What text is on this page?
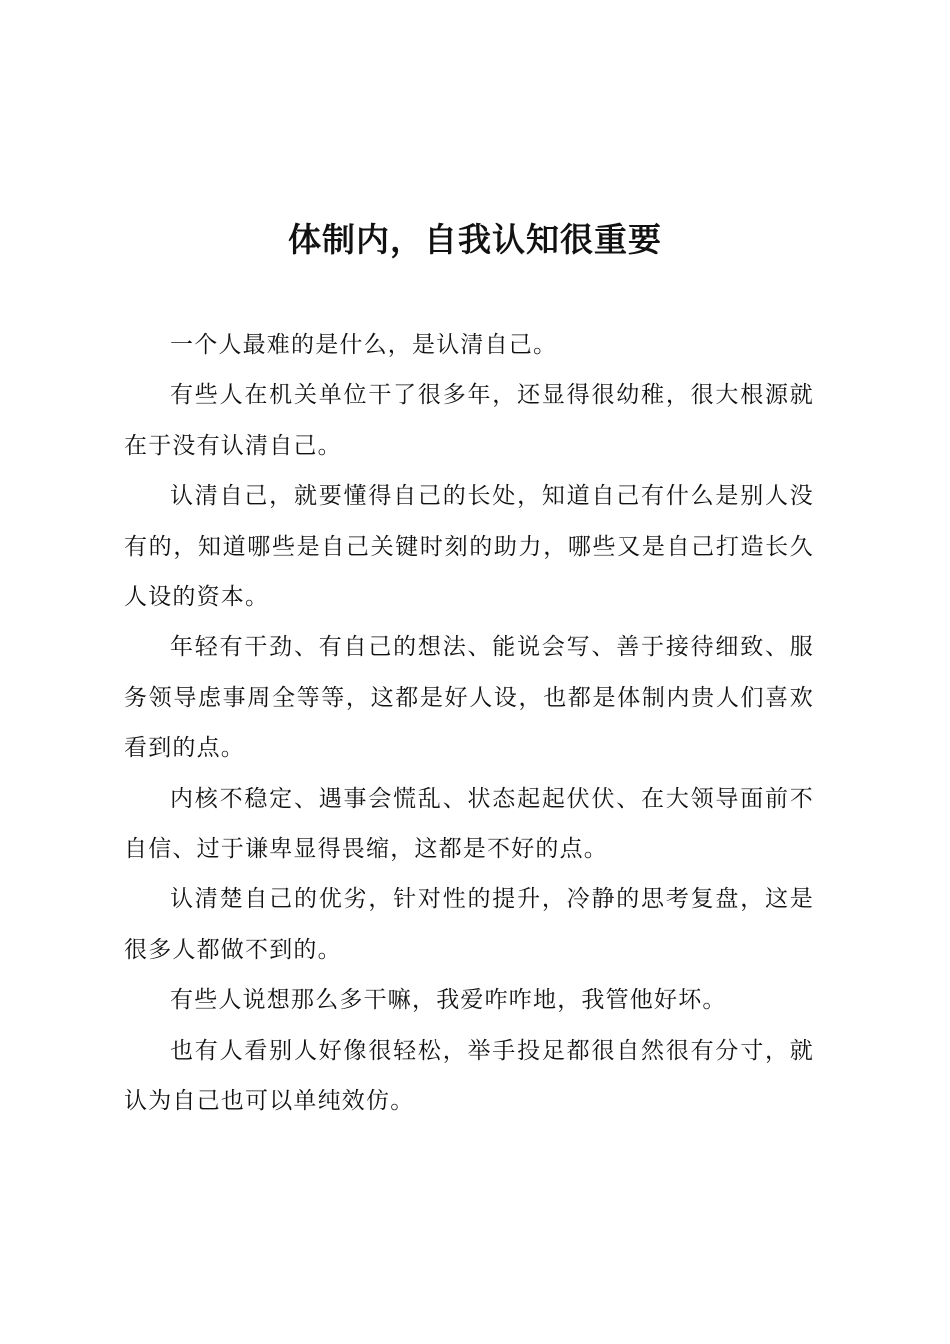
体制内，自我认知很重要

一个人最难的是什么，是认清自己。

有些人在机关单位干了很多年，还显得很幼稚，很大根源就在于没有认清自己。

认清自己，就要懂得自己的长处，知道自己有什么是别人没有的，知道哪些是自己关键时刻的助力，哪些又是自己打造长久人设的资本。

年轻有干劲、有自己的想法、能说会写、善于接待细致、服务领导虑事周全等等，这都是好人设，也都是体制内贵人们喜欢看到的点。

内核不稳定、遇事会慌乱、状态起起伏伏、在大领导面前不自信、过于谦卑显得畏缩，这都是不好的点。

认清楚自己的优劣，针对性的提升，冷静的思考复盘，这是很多人都做不到的。

有些人说想那么多干嘛，我爱咋咋地，我管他好坏。

也有人看别人好像很轻松，举手投足都很自然很有分寸，就认为自己也可以单纯效仿。
